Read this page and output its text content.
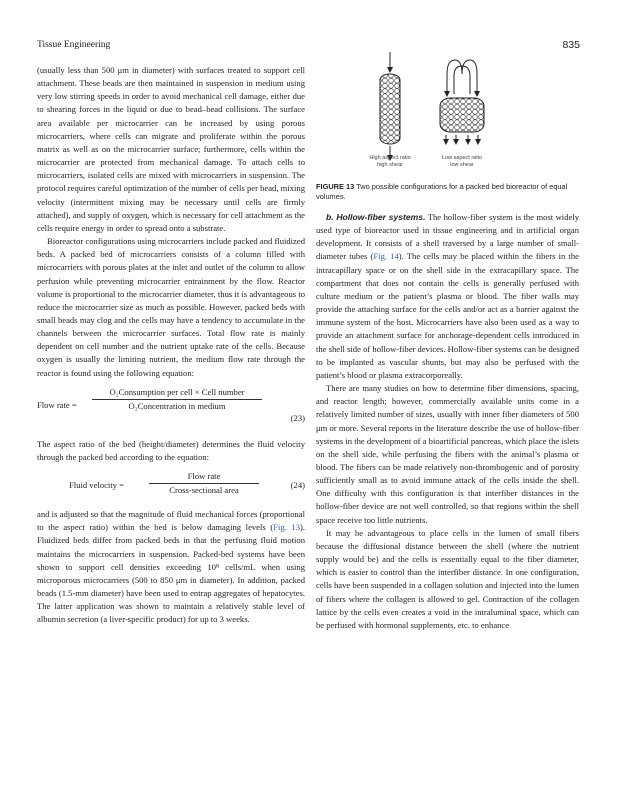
Tissue Engineering	835

(usually less than 500 μm in diameter) with surfaces treated to support cell attachment. These beads are then maintained in suspension in medium using very low stirring speeds in order to avoid mechanical cell damage, either due to shearing forces in the liquid or due to bead–bead collisions. The surface area available per microcarrier can be increased by using porous microcarriers, where cells can migrate and proliferate within the porous matrix as well as on the microcarrier surface; furthermore, cells within the microcarrier are protected from mechanical damage. To attach cells to microcarriers, isolated cells are mixed with microcarriers in suspension. The protocol requires careful optimization of the number of cells per bead, mixing velocity (intermittent mixing may be necessary until cells are firmly attached), and supply of oxygen, which is necessary for cell attachment as the cells require energy in order to spread onto a substrate.

Bioreactor configurations using microcarriers include packed and fluidized beds. A packed bed of microcarriers consists of a column filled with microcarriers with porous plates at the inlet and outlet of the column to allow perfusion while preventing microcarrier entrainment by the flow. Reactor volume is proportional to the microcarrier diameter, thus it is advantageous to reduce the microcarrier size as much as possible. However, packed beds with small beads may clog and the cells may have a tendency to accumulate in the channels between the microcarrier surfaces. Total flow rate is mainly dependent on cell number and the nutrient uptake rate of the cells. Because oxygen is usually the limiting nutrient, the medium flow rate through the reactor is found using the following equation:

Flow rate =
O₂Consumption per cell × Cell number
O₂Concentration in medium
(23)

The aspect ratio of the bed (height/diameter) determines the fluid velocity through the packed bed according to the equation:

Fluid velocity =
Flow rate
Cross-sectional area	(24)

and is adjusted so that the magnitude of fluid mechanical forces (proportional to the aspect ratio) within the bed is below damaging levels (Fig. 13). Fluidized beds differ from packed beds in that the perfusing fluid motion maintains the microcarriers in suspension. Packed-bed systems have been shown to support cell densities exceeding 10⁸ cells/mL when using microporous microcarriers (500 to 850 μm in diameter). In addition, packed beads (1.5-mm diameter) have been used to entrap aggregates of hepatocytes. The latter application was shown to maintain a relatively stable level of albumin secretion (a liver-specific product) for up to 3 weeks.

High aspect ratio
high shear
Low aspect ratio
low shear
FIGURE 13 Two possible configurations for a packed bed bioreactor of equal volumes.

b. Hollow-fiber systems. The hollow-fiber system is the most widely used type of bioreactor used in tissue engineering and in artificial organ development. It consists of a shell traversed by a large number of small-diameter tubes (Fig. 14). The cells may be placed within the fibers in the intracapillary space or on the shell side in the extracapillary space. The compartment that does not contain the cells is generally perfused with culture medium or the patient’s plasma or blood. The fiber walls may provide the attaching surface for the cells and/or act as a barrier against the immune system of the host. Microcarriers have also been used as a way to provide an attachment surface for anchorage-dependent cells introduced in the shell side of hollow-fiber devices. Hollow-fiber systems can be designed to be implanted as vascular shunts, but may also be perfused with the patient’s blood or plasma extracorporeally.

There are many studies on how to determine fiber dimensions, spacing, and reactor length; however, commercially available units come in a relatively limited number of sizes, usually with inner fiber diameters of 500 μm or more. Several reports in the literature describe the use of hollow-fiber systems in the development of a bioartificial pancreas, which place the islets on the shell side, while perfusing the fibers with the animal’s plasma or blood. The fibers can be made relatively non-thrombogenic and of porosity sufficiently small as to avoid immune attack of the cells inside the shell. One difficulty with this configuration is that interfiber distances in the hollow-fiber device are not well controlled, so that regions within the shell space receive too little nutrients.

It may be advantageous to place cells in the lumen of small fibers because the diffusional distance between the shell (where the nutrient supply would be) and the cells is essentially equal to the fiber diameter, which is easier to control than the interfiber distance. In one configuration, cells have been suspended in a collagen solution and injected into the lumen of fibers where the collagen is allowed to gel. Contraction of the collagen lattice by the cells even creates a void in the intraluminal space, which can be perfused with hormonal supplements, etc. to enhance
